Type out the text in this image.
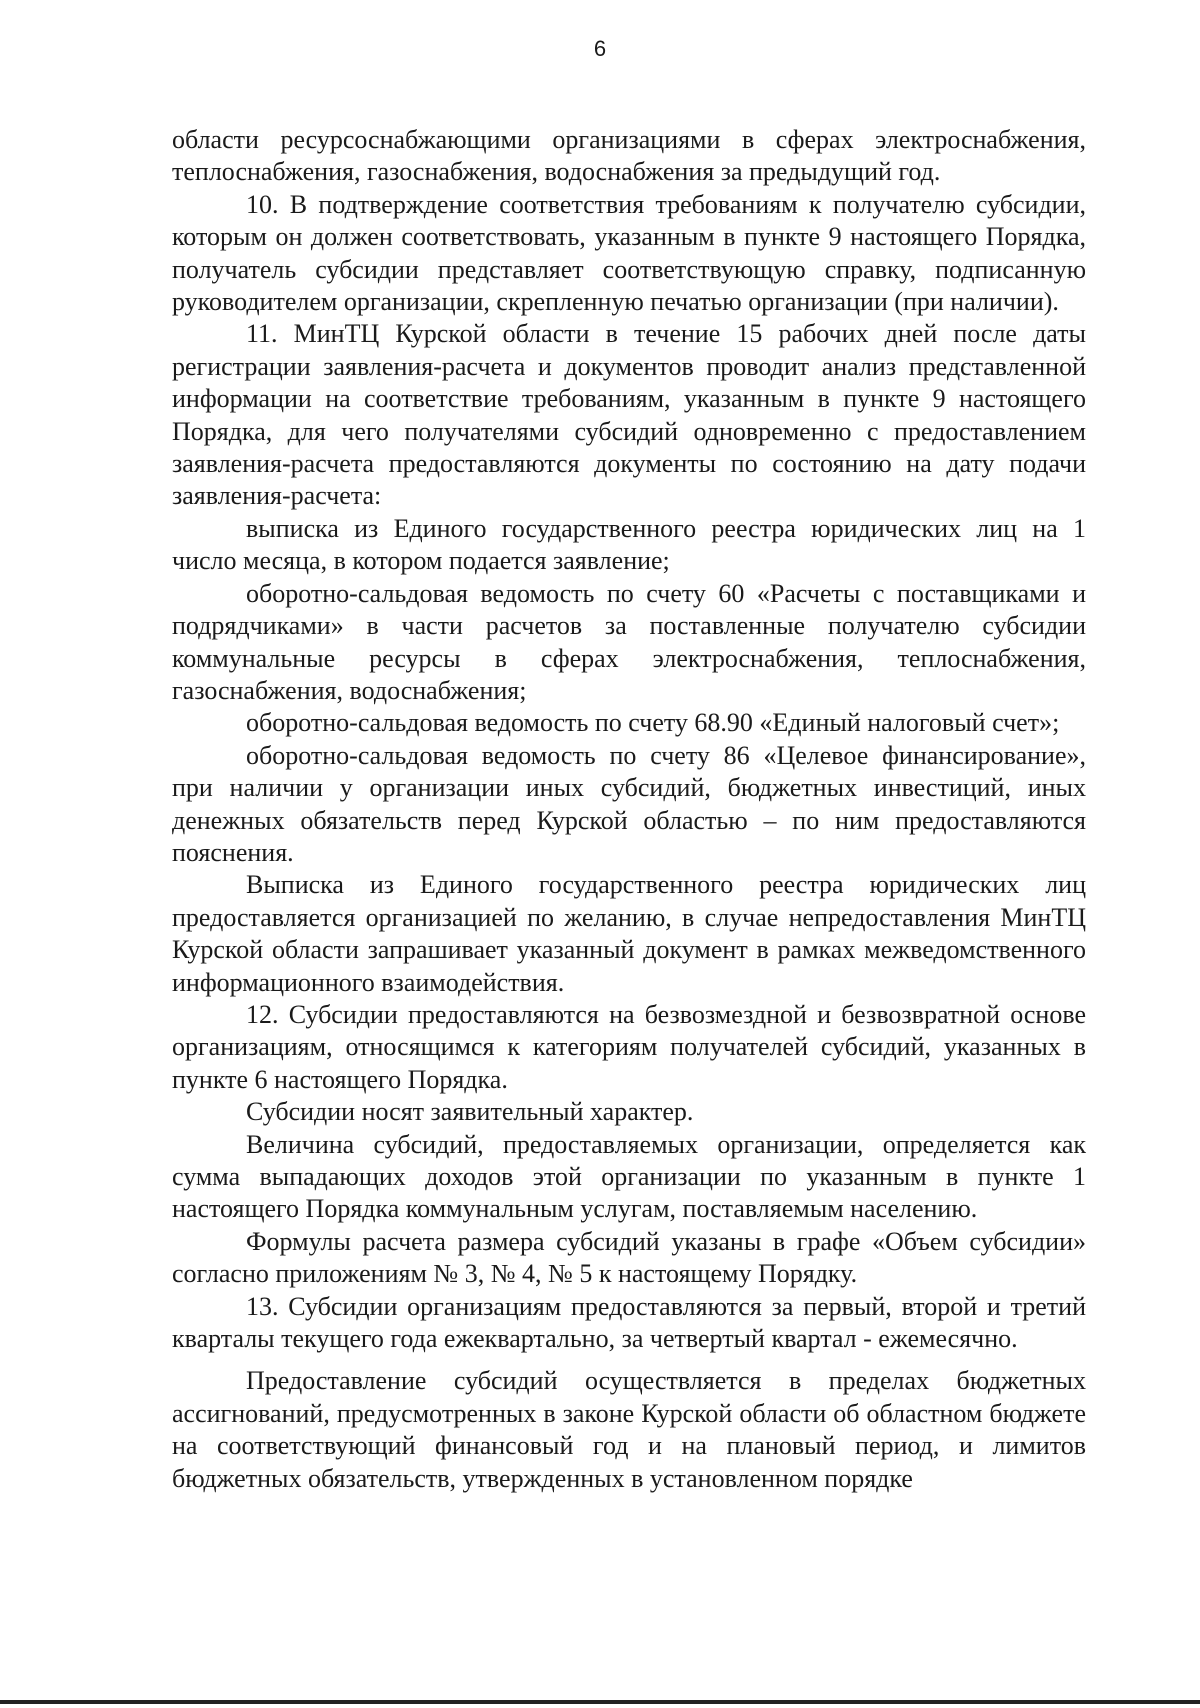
6

области ресурсоснабжающими организациями в сферах электроснабжения, теплоснабжения, газоснабжения, водоснабжения за предыдущий год.

10. В подтверждение соответствия требованиям к получателю субсидии, которым он должен соответствовать, указанным в пункте 9 настоящего Порядка, получатель субсидии представляет соответствующую справку, подписанную руководителем организации, скрепленную печатью организации (при наличии).

11. МинТЦ Курской области в течение 15 рабочих дней после даты регистрации заявления-расчета и документов проводит анализ представленной информации на соответствие требованиям, указанным в пункте 9 настоящего Порядка, для чего получателями субсидий одновременно с предоставлением заявления-расчета предоставляются документы по состоянию на дату подачи заявления-расчета:

выписка из Единого государственного реестра юридических лиц на 1 число месяца, в котором подается заявление;

оборотно-сальдовая ведомость по счету 60 «Расчеты с поставщиками и подрядчиками» в части расчетов за поставленные получателю субсидии коммунальные ресурсы в сферах электроснабжения, теплоснабжения, газоснабжения, водоснабжения;

оборотно-сальдовая ведомость по счету 68.90 «Единый налоговый счет»;

оборотно-сальдовая ведомость по счету 86 «Целевое финансирование», при наличии у организации иных субсидий, бюджетных инвестиций, иных денежных обязательств перед Курской областью – по ним предоставляются пояснения.

Выписка из Единого государственного реестра юридических лиц предоставляется организацией по желанию, в случае непредоставления МинТЦ Курской области запрашивает указанный документ в рамках межведомственного информационного взаимодействия.

12. Субсидии предоставляются на безвозмездной и безвозвратной основе организациям, относящимся к категориям получателей субсидий, указанных в пункте 6 настоящего Порядка.

Субсидии носят заявительный характер.

Величина субсидий, предоставляемых организации, определяется как сумма выпадающих доходов этой организации по указанным в пункте 1 настоящего Порядка коммунальным услугам, поставляемым населению.

Формулы расчета размера субсидий указаны в графе «Объем субсидии» согласно приложениям № 3, № 4, № 5 к настоящему Порядку.

13. Субсидии организациям предоставляются за первый, второй и третий кварталы текущего года ежеквартально, за четвертый квартал - ежемесячно.

Предоставление субсидий осуществляется в пределах бюджетных ассигнований, предусмотренных в законе Курской области об областном бюджете на соответствующий финансовый год и на плановый период, и лимитов бюджетных обязательств, утвержденных в установленном порядке
